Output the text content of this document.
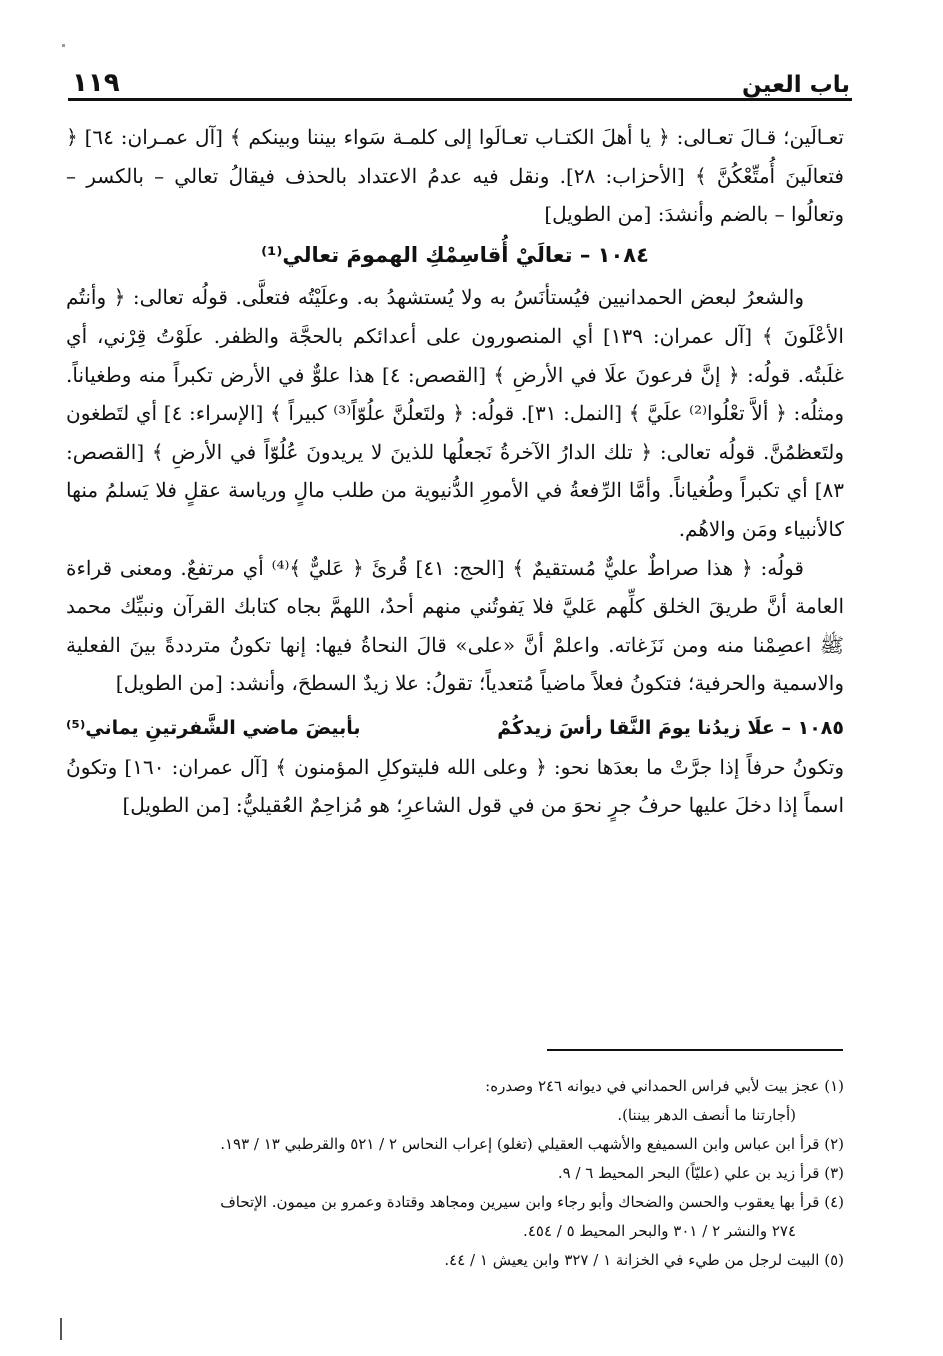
باب العين
١١٩

تعـالَين؛ قـالَ تعـالى: ﴿ يا أهلَ الكتـاب تعـالَوا إلى كلمـة سَواء بيننا وبينكم ﴾ [آل عمـران: ٦٤] ﴿ فتعالَينَ أُمتِّعْكُنَّ ﴾ [الأحزاب: ٢٨]. ونقل فيه عدمُ الاعتداد بالحذف فيقالُ تعالي – بالكسر – وتعالُوا – بالضم وأنشدَ: [من الطويل]

١٠٨٤ – تعالَيْ أُقاسِمْكِ الهمومَ تعالي⁽¹⁾

والشعرُ لبعض الحمدانيين فيُستأنَسُ به ولا يُستشهدُ به. وعلَيْتُه فتعلَّى. قولُه تعالى: ﴿ وأنتُم الأعْلَونَ ﴾ [آل عمران: ١٣٩] أي المنصورون على أعدائكم بالحجَّة والظفر. علَوْتُ قِرْني، أي غلَبتُه. قولُه: ﴿ إنَّ فرعونَ علَا في الأرضِ ﴾ [القصص: ٤] هذا علوٌّ في الأرض تكبراً منه وطغياناً. ومثلُه: ﴿ ألاَّ تعْلُوا⁽²⁾ علَيَّ ﴾ [النمل: ٣١]. قولُه: ﴿ ولتَعلُنَّ علُوّاً⁽³⁾ كبيراً ﴾ [الإسراء: ٤] أي لتَطغون ولتَعظمُنَّ. قولُه تعالى: ﴿ تلك الدارُ الآخرةُ نَجعلُها للذينَ لا يريدونَ عُلُوّاً في الأرضِ ﴾ [القصص: ٨٣] أي تكبراً وطُغياناً. وأمَّا الرِّفعةُ في الأمورِ الدُّنيوية من طلب مالٍ ورياسة عقلٍ فلا يَسلمُ منها كالأنبياء ومَن والاهُم.

قولُه: ﴿ هذا صراطٌ عليٌّ مُستقيمٌ ﴾ [الحج: ٤١] قُرئَ ﴿ عَليٌّ ﴾⁽⁴⁾ أي مرتفعٌ. ومعنى قراءة العامة أنَّ طريقَ الخلق كلِّهم عَليَّ فلا يَفوتُني منهم أحدٌ، اللهمَّ بجاه كتابك القرآن ونبيِّك محمد ﷺ اعصِمْنا منه ومن نَزَغاته. واعلمْ أنَّ «على» قالَ النحاةُ فيها: إنها تكونُ مترددةً بينَ الفعلية والاسمية والحرفية؛ فتكونُ فعلاً ماضياً مُتعدياً؛ تقولُ: علا زيدٌ السطحَ، وأنشد: [من الطويل]

١٠٨٥ – علَا زيدُنا يومَ النَّقا رأسَ زيدكُمْ
بأبيضَ ماضي الشَّفرتينِ يماني⁽⁵⁾

وتكونُ حرفاً إذا جرَّتْ ما بعدَها نحو: ﴿ وعلى الله فليتوكلِ المؤمنون ﴾ [آل عمران: ١٦٠] وتكونُ اسماً إذا دخلَ عليها حرفُ جرٍ نحوَ من في قول الشاعرِ؛ هو مُزاحِمٌ العُقيليُّ: [من الطويل]

(١) عجز بيت لأبي فراس الحمداني في ديوانه ٢٤٦ وصدره:

(أجارتنا ما أنصف الدهر بيننا).

(٢) قرأ ابن عباس وابن السميفع والأشهب العقيلي (تغلو) إعراب النحاس ٢ / ٥٢١ والقرطبي ١٣ / ١٩٣.

(٣) قرأ زيد بن علي (عليّاً) البحر المحيط ٦ / ٩.

(٤) قرأ بها يعقوب والحسن والضحاك وأبو رجاء وابن سيرين ومجاهد وقتادة وعمرو بن ميمون. الإتحاف

٢٧٤ والنشر ٢ / ٣٠١ والبحر المحيط ٥ / ٤٥٤.

(٥) البيت لرجل من طيء في الخزانة ١ / ٣٢٧ وابن يعيش ١ / ٤٤.
